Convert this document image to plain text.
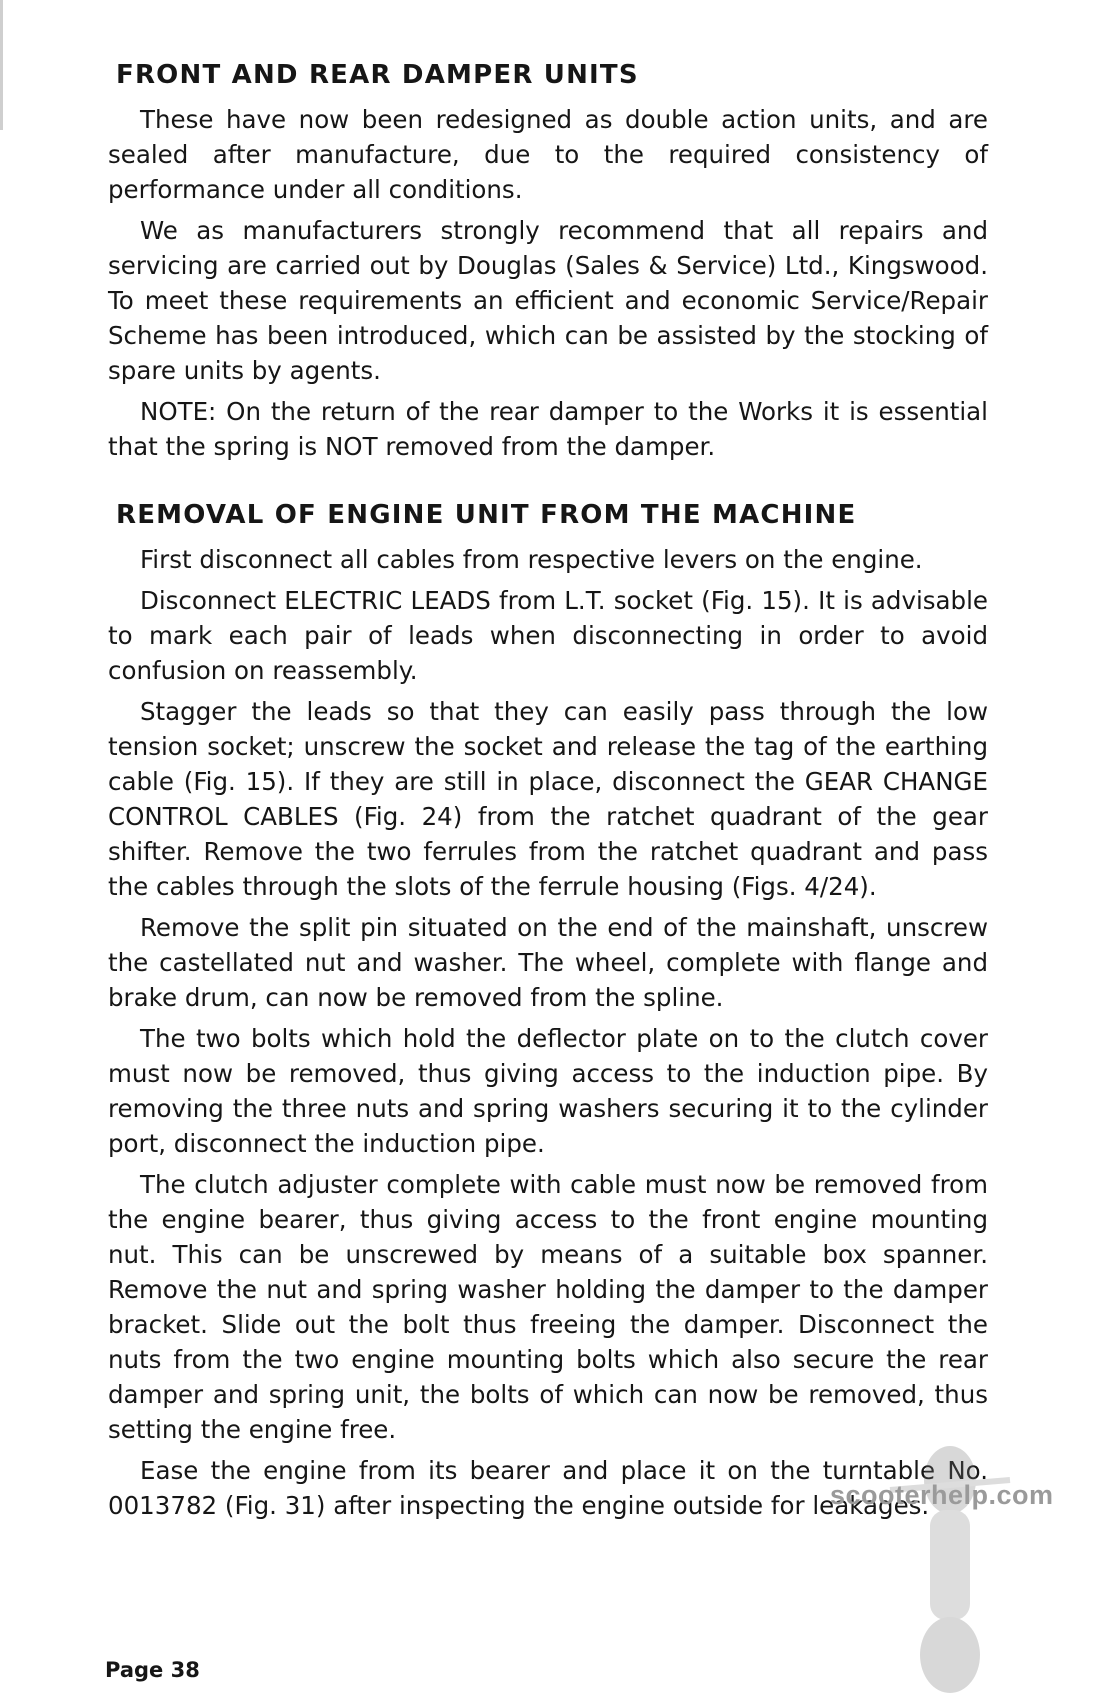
FRONT AND REAR DAMPER UNITS

These have now been redesigned as double action units, and are sealed after manufacture, due to the required consistency of performance under all conditions.

We as manufacturers strongly recommend that all repairs and servicing are carried out by Douglas (Sales & Service) Ltd., Kingswood. To meet these requirements an efficient and economic Service/Repair Scheme has been introduced, which can be assisted by the stocking of spare units by agents.

NOTE: On the return of the rear damper to the Works it is essential that the spring is NOT removed from the damper.

REMOVAL OF ENGINE UNIT FROM THE MACHINE

First disconnect all cables from respective levers on the engine.

Disconnect ELECTRIC LEADS from L.T. socket (Fig. 15). It is advisable to mark each pair of leads when disconnecting in order to avoid confusion on reassembly.

Stagger the leads so that they can easily pass through the low tension socket; unscrew the socket and release the tag of the earthing cable (Fig. 15). If they are still in place, disconnect the GEAR CHANGE CONTROL CABLES (Fig. 24) from the ratchet quadrant of the gear shifter. Remove the two ferrules from the ratchet quadrant and pass the cables through the slots of the ferrule housing (Figs. 4/24).

Remove the split pin situated on the end of the mainshaft, unscrew the castellated nut and washer. The wheel, complete with flange and brake drum, can now be removed from the spline.

The two bolts which hold the deflector plate on to the clutch cover must now be removed, thus giving access to the induction pipe. By removing the three nuts and spring washers securing it to the cylinder port, disconnect the induction pipe.

The clutch adjuster complete with cable must now be removed from the engine bearer, thus giving access to the front engine mounting nut. This can be unscrewed by means of a suitable box spanner. Remove the nut and spring washer holding the damper to the damper bracket. Slide out the bolt thus freeing the damper. Disconnect the nuts from the two engine mounting bolts which also secure the rear damper and spring unit, the bolts of which can now be removed, thus setting the engine free.

Ease the engine from its bearer and place it on the turntable No. 0013782 (Fig. 31) after inspecting the engine outside for leakages.

scooterhelp.com
Page 38
